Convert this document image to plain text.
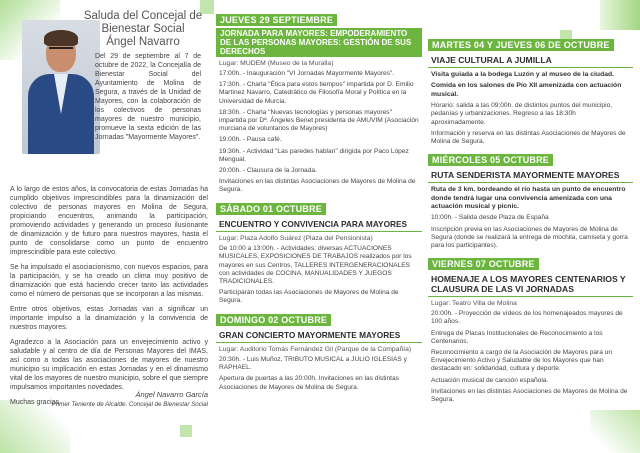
Saluda del Concejal de
Bienestar Social
Ángel Navarro
Del 29 de septiembre al 7 de octubre de 2022, la Concejalía de Bienestar Social del Ayuntamiento de Molina de Segura, a través de la Unidad de Mayores, con la colaboración de los colectivos de personas mayores de nuestro municipio, promueve la sexta edición de las Jornadas "Mayormente Mayores".

A lo largo de estos años, la convocatoria de estas Jornadas ha cumplido objetivos imprescindibles para la dinamización del colectivo de personas mayores en Molina de Segura, propiciando encuentros, animando la participación, promoviendo actividades y generando un proceso ilusionante de dinamización y de futuro para nuestros mayores, hasta el punto de consolidarse como un punto de encuentro imprescindible para este colectivo.

Se ha impulsado el asociacionismo, con nuevos espacios, para la participación, y se ha creado un clima muy positivo de dinamización que está haciendo crecer tanto las actividades como el número de personas que se incorporan a las mismas.

Entre otros objetivos, estas Jornadas van a significar un importante impulso a la dinamización y la convivencia de nuestros mayores.

Agradezco a la Asociación para un envejecimiento activo y saludable y al centro de día de Personas Mayores del IMAS, así como a todas las asociaciones de mayores de nuestro municipio su implicación en estas Jornadas y en el dinamismo vital de los mayores de nuestro municipio, sobre el que siempre impulsamos importantes novedades.

Muchas gracias.

Ángel Navarro García
Primer Teniente de Alcalde. Concejal de Bienestar Social
JUEVES 29 SEPTIEMBRE
JORNADA PARA MAYORES: EMPODERAMIENTO DE LAS PERSONAS MAYORES: GESTIÓN DE SUS DERECHOS
Lugar: MUDEM (Museo de la Muralla)
17:00h. - Inauguración "VI Jornadas Mayormente Mayores".
17:30h. - Charla "Ética para estos tiempos" impartida por D. Emilio Martínez Navarro, Catedrático de Filosofía Moral y Política en la Universidad de Murcia.
18:30h. - Charla "Nuevas tecnologías y personas mayores" impartida por Dª. Ángeles Benet presidenta de AMUVIM (Asociación murciana de voluntarios de Mayores)
19:00h. - Pausa café.
19:30h. - Actividad "Las paredes hablan" dirigida por Paco López Mengual.
20:00h. - Clausura de la Jornada.
Invitaciones en las distintas Asociaciones de Mayores de Molina de Segura.
SÁBADO 01 OCTUBRE
ENCUENTRO Y CONVIVENCIA PARA MAYORES
Lugar: Plaza Adolfo Suárez (Plaza del Pensionista)
De 10:00 a 13:00h. - Actividades: diversas ACTUACIONES MUSICALES, EXPOSICIONES DE TRABAJOS realizados por los mayores en sus Centros, TALLERES INTERGENERACIONALES con actividades de COCINA, MANUALIDADES Y JUEGOS TRADICIONALES.
Participarán todas las Asociaciones de Mayores de Molina de Segura.
DOMINGO 02 OCTUBRE
GRAN CONCIERTO MAYORMENTE MAYORES
Lugar: Auditorio Tomás Fernández Gil (Parque de la Compañía)
20:30h. - Luis Muñoz, TRIBUTO MUSICAL a JULIO IGLESIAS y RAPHAEL.
Apertura de puertas a las 20:00h. Invitaciones en las distintas Asociaciones de Mayores de Molina de Segura.
MARTES 04 Y JUEVES 06 DE OCTUBRE
VIAJE CULTURAL A JUMILLA
Visita guiada a la bodega Luzón y al museo de la ciudad.
Comida en los salones de Pío XII amenizada con actuación musical.
Horario: salida a las 09:00h. de distintos puntos del municipio, pedanías y urbanizaciones. Regreso a las 18:30h aproximadamente.
Información y reserva en las distintas Asociaciones de Mayores de Molina de Segura.
MIÉRCOLES 05 OCTUBRE
RUTA SENDERISTA MAYORMENTE MAYORES
Ruta de 3 km. bordeando el río hasta un punto de encuentro donde tendrá lugar una convivencia amenizada con una actuación musical y picnic.
10:00h. - Salida desde Plaza de España
Inscripción previa en las Asociaciones de Mayores de Molina de Segura (donde se realizará la entrega de mochila, camiseta y gorra para los participantes).
VIERNES 07 OCTUBRE
HOMENAJE A LOS MAYORES CENTENARIOS Y CLAUSURA DE LAS VI JORNADAS
Lugar: Teatro Villa de Molina
20:00h. - Proyección de vídeos de los homenajeados mayores de 100 años.
Entrega de Placas Institucionales de Reconocimiento a los Centenarios.
Reconocimiento a cargo de la Asociación de Mayores para un Envejecimiento Activo y Saludable de los Mayores que han destacado en: solidaridad, cultura y deporte.
Actuación musical de canción española.
Invitaciones en las distintas Asociaciones de Mayores de Molina de Segura.
